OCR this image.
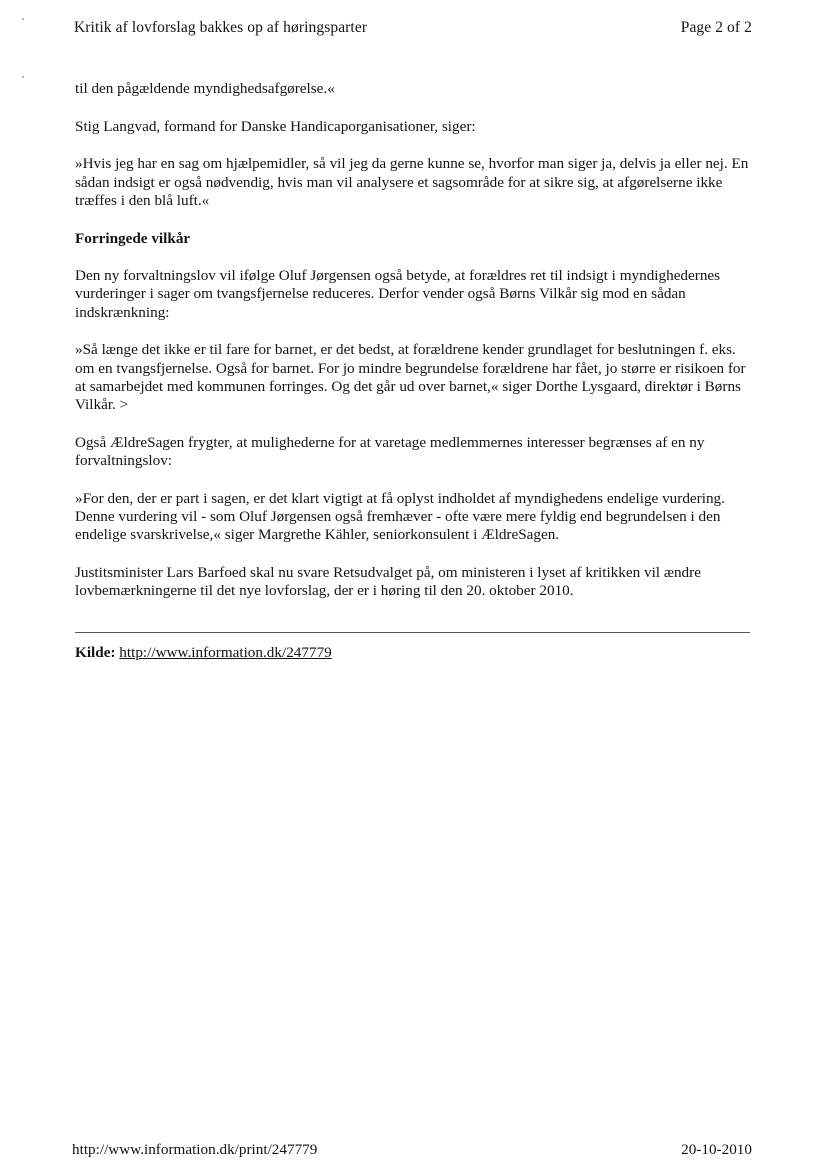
Kritik af lovforslag bakkes op af høringsparter	Page 2 of 2

til den pågældende myndighedsafgørelse.«

Stig Langvad, formand for Danske Handicaporganisationer, siger:

»Hvis jeg har en sag om hjælpemidler, så vil jeg da gerne kunne se, hvorfor man siger ja, delvis ja eller nej. En sådan indsigt er også nødvendig, hvis man vil analysere et sagsområde for at sikre sig, at afgørelserne ikke træffes i den blå luft.«

Forringede vilkår

Den ny forvaltningslov vil ifølge Oluf Jørgensen også betyde, at forældres ret til indsigt i myndighedernes vurderinger i sager om tvangsfjernelse reduceres. Derfor vender også Børns Vilkår sig mod en sådan indskrænkning:

»Så længe det ikke er til fare for barnet, er det bedst, at forældrene kender grundlaget for beslutningen f. eks. om en tvangsfjernelse. Også for barnet. For jo mindre begrundelse forældrene har fået, jo større er risikoen for at samarbejdet med kommunen forringes. Og det går ud over barnet,« siger Dorthe Lysgaard, direktør i Børns Vilkår. >

Også ÆldreSagen frygter, at mulighederne for at varetage medlemmernes interesser begrænses af en ny forvaltningslov:

»For den, der er part i sagen, er det klart vigtigt at få oplyst indholdet af myndighedens endelige vurdering. Denne vurdering vil - som Oluf Jørgensen også fremhæver - ofte være mere fyldig end begrundelsen i den endelige svarskrivelse,« siger Margrethe Kähler, seniorkonsulent i ÆldreSagen.

Justitsminister Lars Barfoed skal nu svare Retsudvalget på, om ministeren i lyset af kritikken vil ændre lovbemærkningerne til det nye lovforslag, der er i høring til den 20. oktober 2010.

Kilde: http://www.information.dk/247779
http://www.information.dk/print/247779	20-10-2010
